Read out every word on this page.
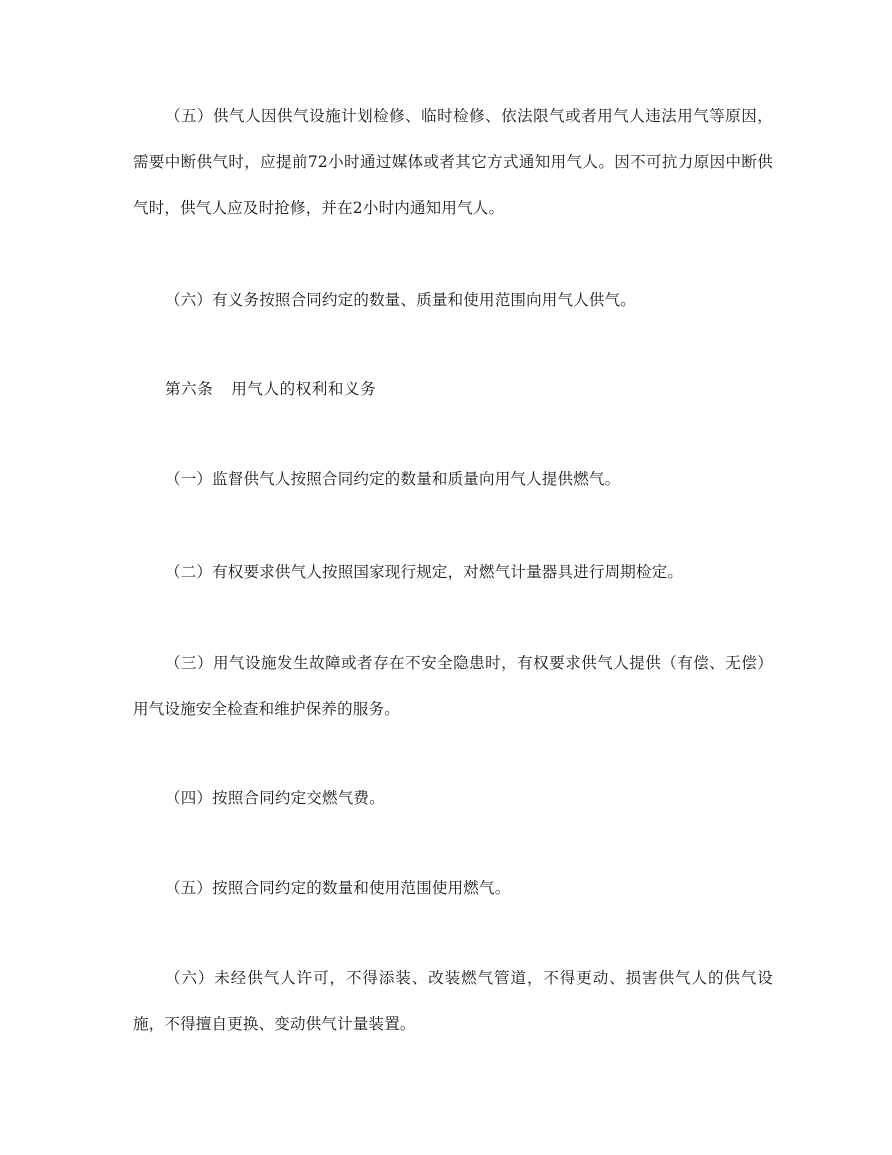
（五）供气人因供气设施计划检修、临时检修、依法限气或者用气人违法用气等原因，需要中断供气时，应提前72小时通过媒体或者其它方式通知用气人。因不可抗力原因中断供气时，供气人应及时抢修，并在2小时内通知用气人。

（六）有义务按照合同约定的数量、质量和使用范围向用气人供气。

第六条 用气人的权利和义务

（一）监督供气人按照合同约定的数量和质量向用气人提供燃气。

（二）有权要求供气人按照国家现行规定，对燃气计量器具进行周期检定。

（三）用气设施发生故障或者存在不安全隐患时，有权要求供气人提供（有偿、无偿）用气设施安全检查和维护保养的服务。

（四）按照合同约定交燃气费。

（五）按照合同约定的数量和使用范围使用燃气。

（六）未经供气人许可，不得添装、改装燃气管道，不得更动、损害供气人的供气设施，不得擅自更换、变动供气计量装置。
